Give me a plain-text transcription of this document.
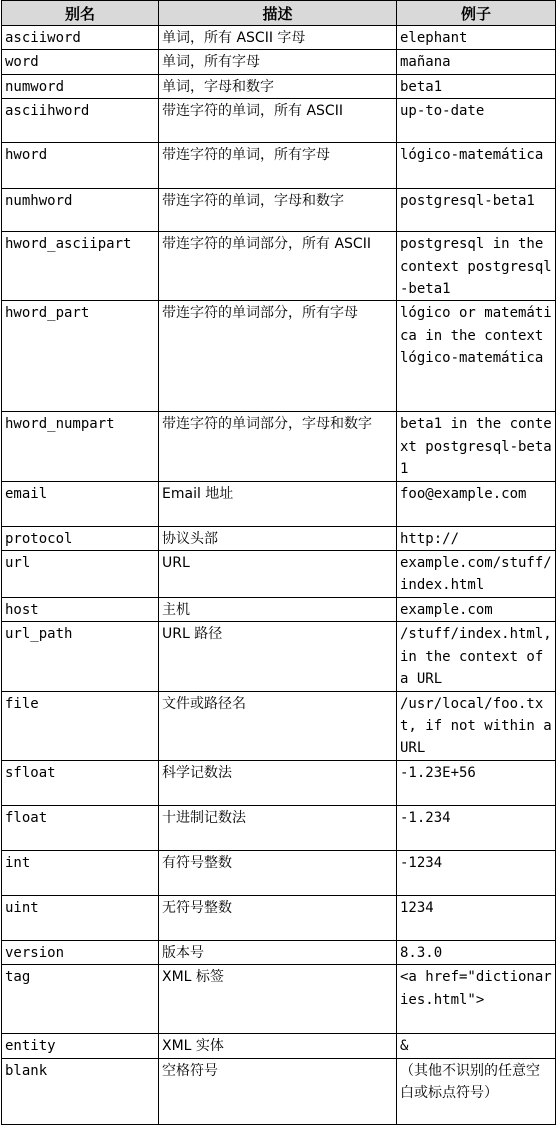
别名	描述	例子
asciiword	单词，所有 ASCII 字母	elephant
word	单词，所有字母	mañana
numword	单词，字母和数字	beta1
asciihword	带连字符的单词，所有 ASCII	up-to-date
hword	带连字符的单词，所有字母	lógico-matemática
numhword	带连字符的单词，字母和数字	postgresql-beta1
hword_asciipart	带连字符的单词部分，所有 ASCII	postgresql in the context postgresql-beta1
hword_part	带连字符的单词部分，所有字母	lógico or matemática in the context lógico-matemática
hword_numpart	带连字符的单词部分，字母和数字	beta1 in the context postgresql-beta1
email	Email 地址	foo@example.com
protocol	协议头部	http://
url	URL	example.com/stuff/index.html
host	主机	example.com
url_path	URL 路径	/stuff/index.html, in the context of a URL
file	文件或路径名	/usr/local/foo.txt, if not within a URL
sfloat	科学记数法	-1.23E+56
float	十进制记数法	-1.234
int	有符号整数	-1234
uint	无符号整数	1234
version	版本号	8.3.0
tag	XML 标签	<a href="dictionaries.html">
entity	XML 实体	&
blank	空格符号	（其他不识别的任意空白或标点符号）
